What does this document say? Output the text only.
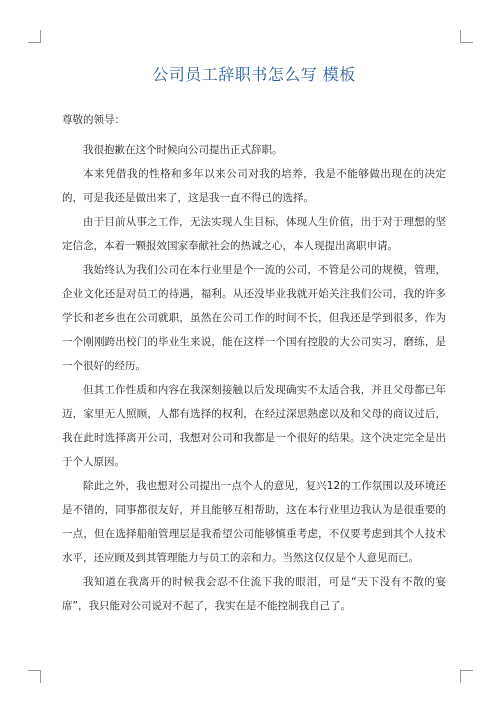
公司员工辞职书怎么写 模板

尊敬的领导：

我很抱歉在这个时候向公司提出正式辞职。

本来凭借我的性格和多年以来公司对我的培养，我是不能够做出现在的决定的，可是我还是做出来了，这是我一直不得已的选择。

由于目前从事之工作，无法实现人生目标，体现人生价值，出于对于理想的坚定信念，本着一颗报效国家奉献社会的热诚之心，本人现提出离职申请。

我始终认为我们公司在本行业里是个一流的公司，不管是公司的规模，管理，企业文化还是对员工的待遇，福利。从还没毕业我就开始关注我们公司，我的许多学长和老乡也在公司就职，虽然在公司工作的时间不长，但我还是学到很多，作为一个刚刚跨出校门的毕业生来说，能在这样一个国有控股的大公司实习，磨练，是一个很好的经历。

但其工作性质和内容在我深刻接触以后发现确实不太适合我，并且父母都已年迈，家里无人照顾，人都有选择的权利，在经过深思熟虑以及和父母的商议过后，我在此时选择离开公司，我想对公司和我都是一个很好的结果。这个决定完全是出于个人原因。

除此之外，我也想对公司提出一点个人的意见，复兴12的工作氛围以及环境还是不错的，同事都很友好，并且能够互相帮助，这在本行业里边我认为是很重要的一点，但在选择船舶管理层是我希望公司能够慎重考虑，不仅要考虑到其个人技术水平，还应顾及到其管理能力与员工的亲和力。当然这仅仅是个人意见而已。

我知道在我离开的时候我会忍不住流下我的眼泪，可是“天下没有不散的宴席”，我只能对公司说对不起了，我实在是不能控制我自己了。
